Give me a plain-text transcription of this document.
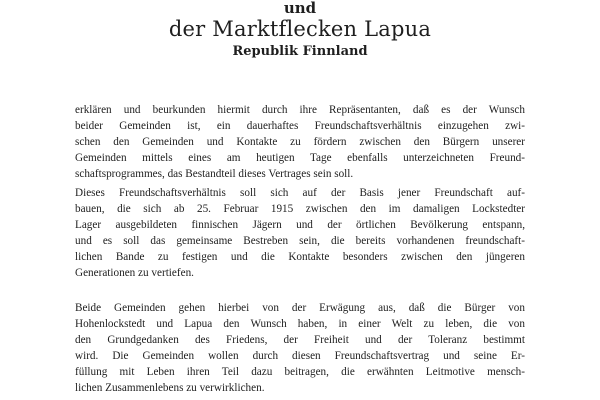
und
der Marktflecken Lapua
Republik Finnland
erklären und beurkunden hiermit durch ihre Repräsentanten, daß es der Wunsch
beider Gemeinden ist, ein dauerhaftes Freundschaftsverhältnis einzugehen zwi-
schen den Gemeinden und Kontakte zu fördern zwischen den Bürgern unserer
Gemeinden mittels eines am heutigen Tage ebenfalls unterzeichneten Freund-
schaftsprogrammes, das Bestandteil dieses Vertrages sein soll.
Dieses Freundschaftsverhältnis soll sich auf der Basis jener Freundschaft auf-
bauen, die sich ab 25. Februar 1915 zwischen den im damaligen Lockstedter
Lager ausgebildeten finnischen Jägern und der örtlichen Bevölkerung entspann,
und es soll das gemeinsame Bestreben sein, die bereits vorhandenen freundschaft-
lichen Bande zu festigen und die Kontakte besonders zwischen den jüngeren
Generationen zu vertiefen.
Beide Gemeinden gehen hierbei von der Erwägung aus, daß die Bürger von
Hohenlockstedt und Lapua den Wunsch haben, in einer Welt zu leben, die von
den Grundgedanken des Friedens, der Freiheit und der Toleranz bestimmt
wird. Die Gemeinden wollen durch diesen Freundschaftsvertrag und seine Er-
füllung mit Leben ihren Teil dazu beitragen, die erwähnten Leitmotive mensch-
lichen Zusammenlebens zu verwirklichen.
